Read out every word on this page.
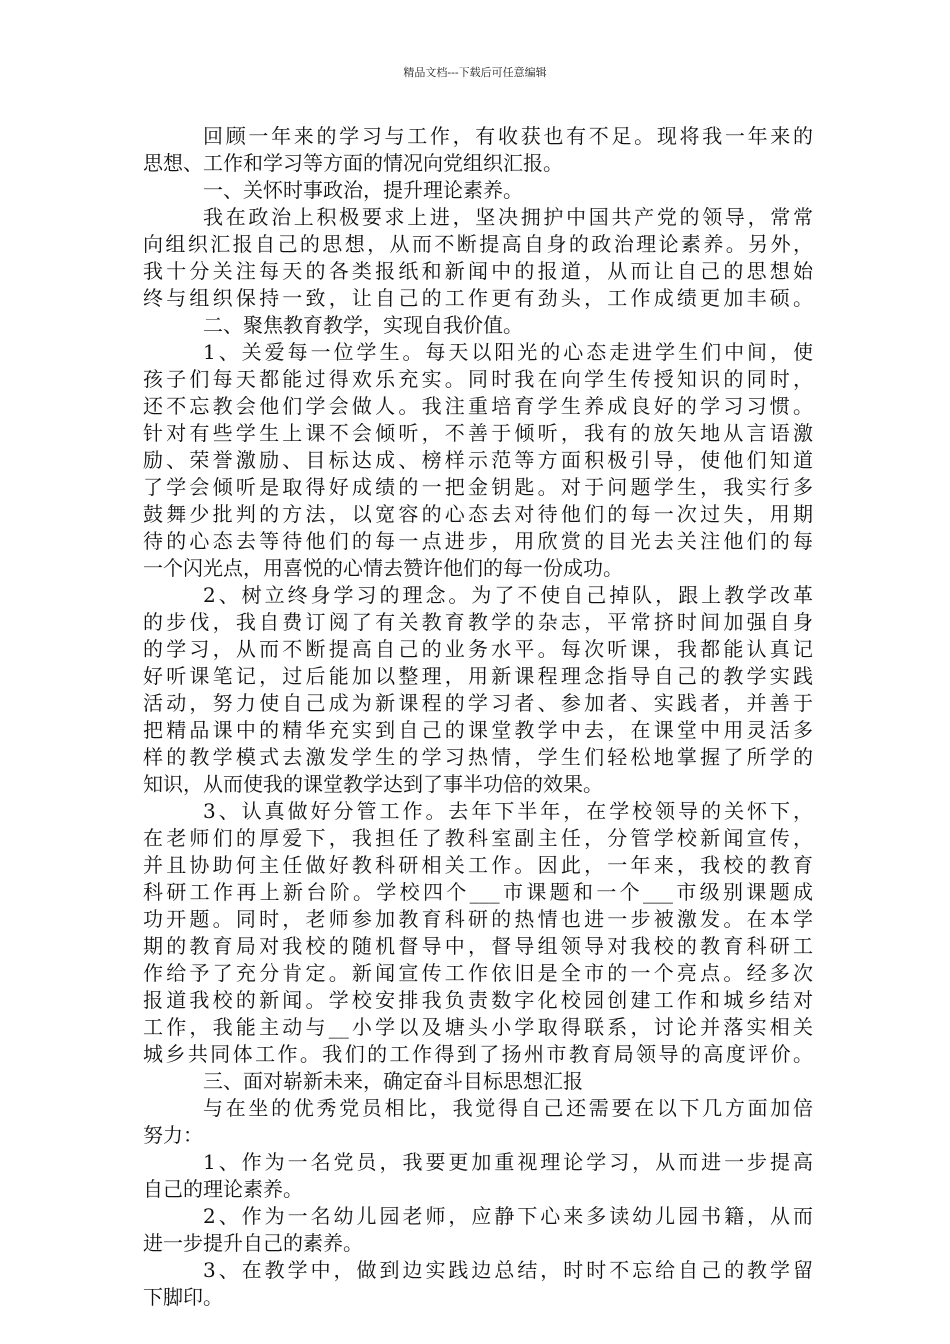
精品文档---下载后可任意编辑
回顾一年来的学习与工作，有收获也有不足。现将我一年来的
思想、工作和学习等方面的情况向党组织汇报。
一、关怀时事政治，提升理论素养。
我在政治上积极要求上进，坚决拥护中国共产党的领导，常常
向组织汇报自己的思想，从而不断提高自身的政治理论素养。另外，
我十分关注每天的各类报纸和新闻中的报道，从而让自己的思想始
终与组织保持一致，让自己的工作更有劲头，工作成绩更加丰硕。
二、聚焦教育教学，实现自我价值。
1、关爱每一位学生。每天以阳光的心态走进学生们中间，使
孩子们每天都能过得欢乐充实。同时我在向学生传授知识的同时，
还不忘教会他们学会做人。我注重培育学生养成良好的学习习惯。
针对有些学生上课不会倾听，不善于倾听，我有的放矢地从言语激
励、荣誉激励、目标达成、榜样示范等方面积极引导，使他们知道
了学会倾听是取得好成绩的一把金钥匙。对于问题学生，我实行多
鼓舞少批判的方法，以宽容的心态去对待他们的每一次过失，用期
待的心态去等待他们的每一点进步，用欣赏的目光去关注他们的每
一个闪光点，用喜悦的心情去赞许他们的每一份成功。
2、树立终身学习的理念。为了不使自己掉队，跟上教学改革
的步伐，我自费订阅了有关教育教学的杂志，平常挤时间加强自身
的学习，从而不断提高自己的业务水平。每次听课，我都能认真记
好听课笔记，过后能加以整理，用新课程理念指导自己的教学实践
活动，努力使自己成为新课程的学习者、参加者、实践者，并善于
把精品课中的精华充实到自己的课堂教学中去，在课堂中用灵活多
样的教学模式去激发学生的学习热情，学生们轻松地掌握了所学的
知识，从而使我的课堂教学达到了事半功倍的效果。
3、认真做好分管工作。去年下半年，在学校领导的关怀下，
在老师们的厚爱下，我担任了教科室副主任，分管学校新闻宣传，
并且协助何主任做好教科研相关工作。因此，一年来，我校的教育
科研工作再上新台阶。学校四个___市课题和一个___市级别课题成
功开题。同时，老师参加教育科研的热情也进一步被激发。在本学
期的教育局对我校的随机督导中，督导组领导对我校的教育科研工
作给予了充分肯定。新闻宣传工作依旧是全市的一个亮点。经多次
报道我校的新闻。学校安排我负责数字化校园创建工作和城乡结对
工作，我能主动与__小学以及塘头小学取得联系，讨论并落实相关
城乡共同体工作。我们的工作得到了扬州市教育局领导的高度评价。
三、面对崭新未来，确定奋斗目标思想汇报
与在坐的优秀党员相比，我觉得自己还需要在以下几方面加倍
努力：
1、作为一名党员，我要更加重视理论学习，从而进一步提高
自己的理论素养。
2、作为一名幼儿园老师，应静下心来多读幼儿园书籍，从而
进一步提升自己的素养。
3、在教学中，做到边实践边总结，时时不忘给自己的教学留
下脚印。
